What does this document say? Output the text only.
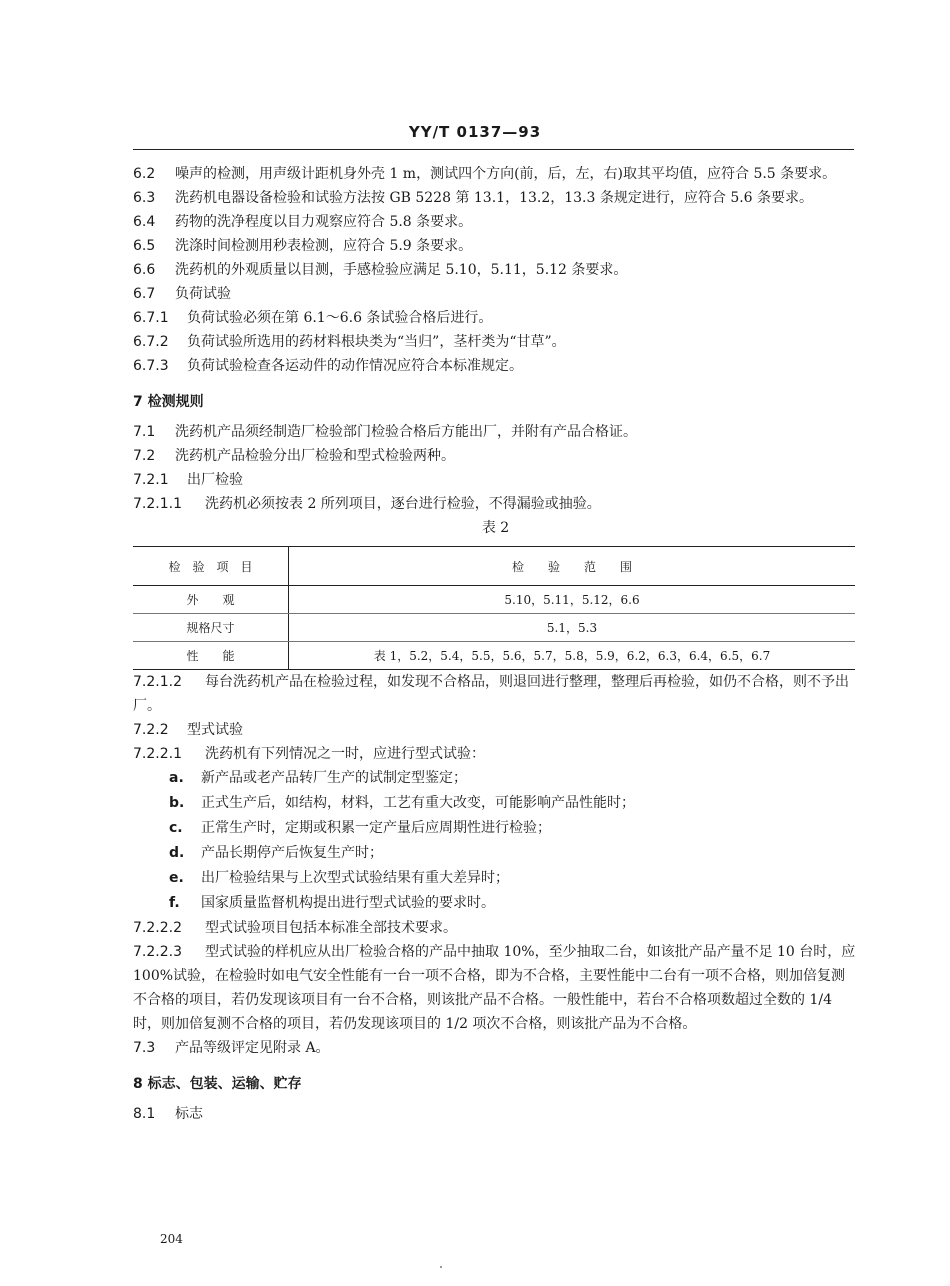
YY/T 0137—93

6.2 噪声的检测，用声级计距机身外壳 1 m，测试四个方向(前，后，左，右)取其平均值，应符合 5.5 条要求。

6.3 洗药机电器设备检验和试验方法按 GB 5228 第 13.1，13.2，13.3 条规定进行，应符合 5.6 条要求。

6.4 药物的洗净程度以目力观察应符合 5.8 条要求。

6.5 洗涤时间检测用秒表检测，应符合 5.9 条要求。

6.6 洗药机的外观质量以目测，手感检验应满足 5.10，5.11，5.12 条要求。

6.7 负荷试验

6.7.1 负荷试验必须在第 6.1～6.6 条试验合格后进行。

6.7.2 负荷试验所选用的药材料根块类为“当归”，茎杆类为“甘草”。

6.7.3 负荷试验检查各运动件的动作情况应符合本标准规定。

7 检测规则

7.1 洗药机产品须经制造厂检验部门检验合格后方能出厂，并附有产品合格证。

7.2 洗药机产品检验分出厂检验和型式检验两种。

7.2.1 出厂检验

7.2.1.1 洗药机必须按表 2 所列项目，逐台进行检验，不得漏验或抽验。

表 2
检　验　项　目	检　　验　　范　　围
外　　观	5.10，5.11，5.12，6.6
规格尺寸	5.1，5.3
性　　能	表 1，5.2，5.4，5.5，5.6，5.7，5.8，5.9，6.2，6.3，6.4，6.5，6.7

7.2.1.2 每台洗药机产品在检验过程，如发现不合格品，则退回进行整理，整理后再检验，如仍不合格，则不予出厂。

7.2.2 型式试验

7.2.2.1 洗药机有下列情况之一时，应进行型式试验：

a. 新产品或老产品转厂生产的试制定型鉴定；

b. 正式生产后，如结构，材料，工艺有重大改变，可能影响产品性能时；

c. 正常生产时，定期或积累一定产量后应周期性进行检验；

d. 产品长期停产后恢复生产时；

e. 出厂检验结果与上次型式试验结果有重大差异时；

f. 国家质量监督机构提出进行型式试验的要求时。

7.2.2.2 型式试验项目包括本标准全部技术要求。

7.2.2.3 型式试验的样机应从出厂检验合格的产品中抽取 10%，至少抽取二台，如该批产品产量不足 10 台时，应 100%试验，在检验时如电气安全性能有一台一项不合格，即为不合格，主要性能中二台有一项不合格，则加倍复测不合格的项目，若仍发现该项目有一台不合格，则该批产品不合格。一般性能中，若台不合格项数超过全数的 1/4 时，则加倍复测不合格的项目，若仍发现该项目的 1/2 项次不合格，则该批产品为不合格。

7.3 产品等级评定见附录 A。

8 标志、包装、运输、贮存

8.1 标志

204
